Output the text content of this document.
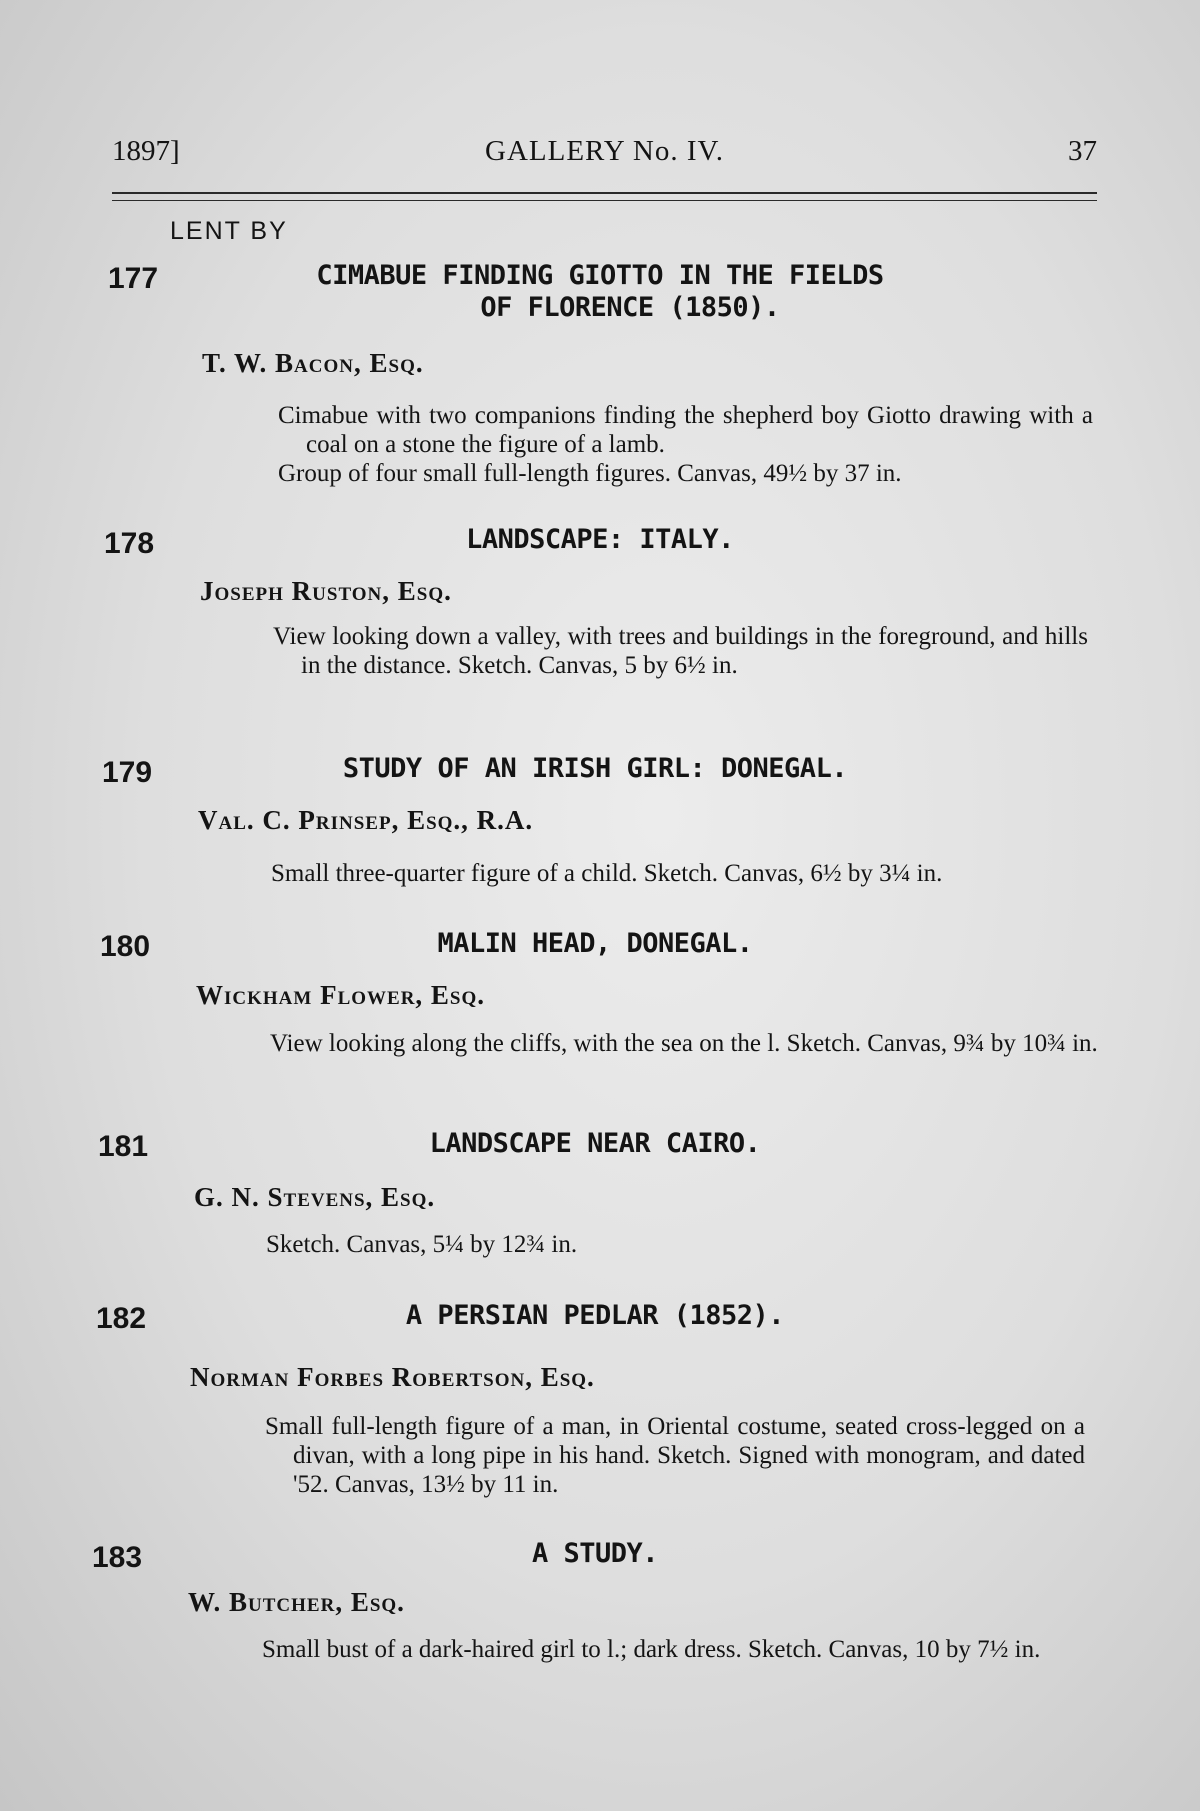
1897]	GALLERY No. IV.	37
LENT BY
177	CIMABUE FINDING GIOTTO IN THE FIELDS
OF FLORENCE (1850).
T. W. Bacon, Esq.

Cimabue with two companions finding the shepherd boy Giotto drawing with a coal on a stone the figure of a lamb.

Group of four small full-length figures. Canvas, 49½ by 37 in.

178	LANDSCAPE: ITALY.
Joseph Ruston, Esq.

View looking down a valley, with trees and buildings in the foreground, and hills in the distance. Sketch. Canvas, 5 by 6½ in.

179	STUDY OF AN IRISH GIRL: DONEGAL.
Val. C. Prinsep, Esq., R.A.

Small three-quarter figure of a child. Sketch. Canvas, 6½ by 3¼ in.

180	MALIN HEAD, DONEGAL.
Wickham Flower, Esq.

View looking along the cliffs, with the sea on the l. Sketch. Canvas, 9¾ by 10¾ in.

181	LANDSCAPE NEAR CAIRO.
G. N. Stevens, Esq.

Sketch. Canvas, 5¼ by 12¾ in.

182	A PERSIAN PEDLAR (1852).
Norman Forbes Robertson, Esq.

Small full-length figure of a man, in Oriental costume, seated cross-legged on a divan, with a long pipe in his hand. Sketch. Signed with monogram, and dated '52. Canvas, 13½ by 11 in.

183	A STUDY.
W. Butcher, Esq.

Small bust of a dark-haired girl to l.; dark dress. Sketch. Canvas, 10 by 7½ in.
